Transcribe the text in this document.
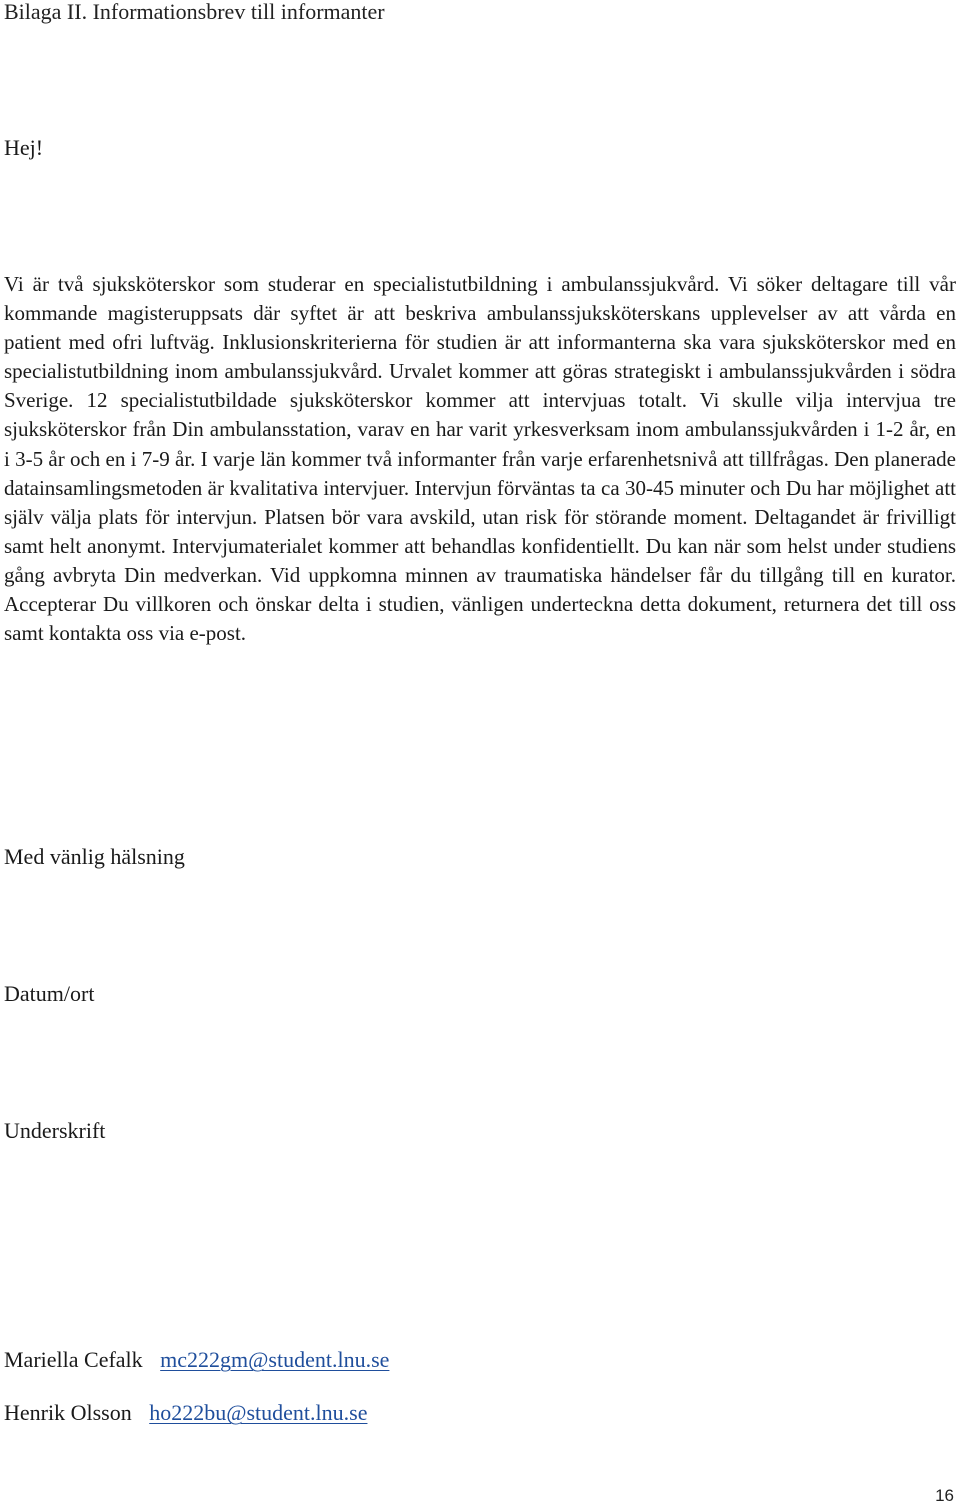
Bilaga II. Informationsbrev till informanter
Hej!

Vi är två sjuksköterskor som studerar en specialistutbildning i ambulanssjukvård. Vi söker deltagare till vår kommande magisteruppsats där syftet är att beskriva ambulanssjuksköterskans upplevelser av att vårda en patient med ofri luftväg. Inklusionskriterierna för studien är att informanterna ska vara sjuksköterskor med en specialistutbildning inom ambulanssjukvård. Urvalet kommer att göras strategiskt i ambulanssjukvården i södra Sverige. 12 specialistutbildade sjuksköterskor kommer att intervjuas totalt. Vi skulle vilja intervjua tre sjuksköterskor från Din ambulansstation, varav en har varit yrkesverksam inom ambulanssjukvården i 1-2 år, en i 3-5 år och en i 7-9 år. I varje län kommer två informanter från varje erfarenhetsnivå att tillfrågas. Den planerade datainsamlingsmetoden är kvalitativa intervjuer. Intervjun förväntas ta ca 30-45 minuter och Du har möjlighet att själv välja plats för intervjun. Platsen bör vara avskild, utan risk för störande moment. Deltagandet är frivilligt samt helt anonymt. Intervjumaterialet kommer att behandlas konfidentiellt. Du kan när som helst under studiens gång avbryta Din medverkan. Vid uppkomna minnen av traumatiska händelser får du tillgång till en kurator. Accepterar Du villkoren och önskar delta i studien, vänligen underteckna detta dokument, returnera det till oss samt kontakta oss via e-post.

Med vänlig hälsning
Datum/ort
Underskrift
Mariella Cefalk mc222gm@student.lnu.se
Henrik Olsson ho222bu@student.lnu.se
16
